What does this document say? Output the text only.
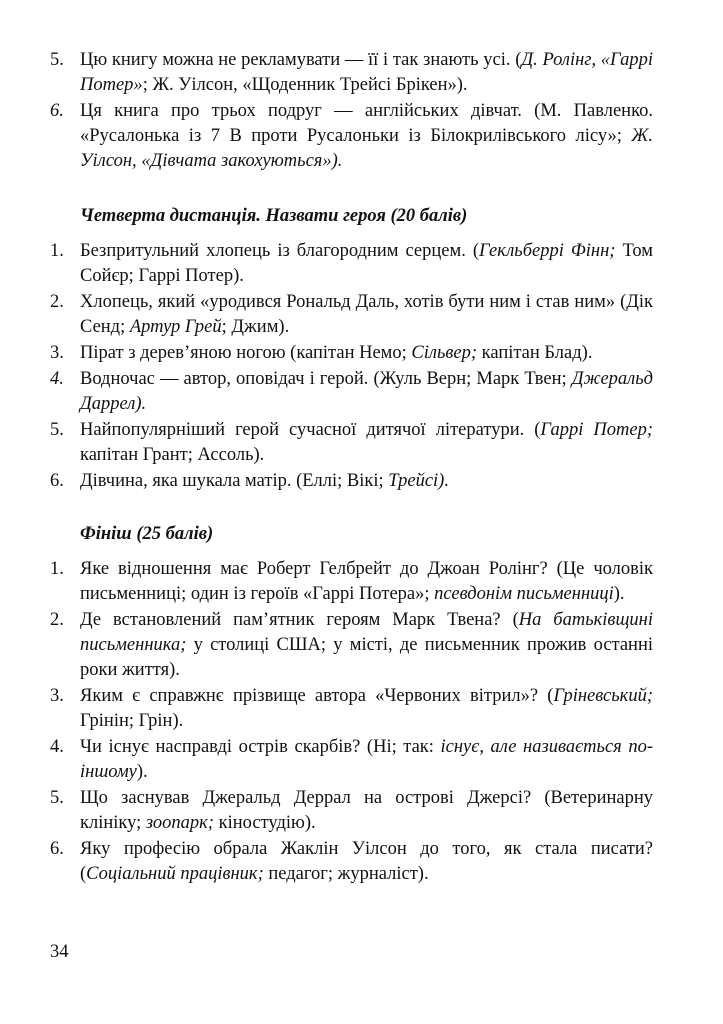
5. Цю книгу можна не рекламувати — її і так знають усі. (Д. Ролінг, «Гаррі Потер»; Ж. Уілсон, «Щоденник Трейсі Брікен»).
6. Ця книга про трьох подруг — англійських дівчат. (М. Павленко. «Русалонька із 7 В проти Русалоньки із Білокрилівського лісу»; Ж. Уілсон, «Дівчата закохуються»).
Четверта дистанція. Назвати героя (20 балів)
1. Безпритульний хлопець із благородним серцем. (Гекльберрі Фінн; Том Сойєр; Гаррі Потер).
2. Хлопець, який «уродився Рональд Даль, хотів бути ним і став ним» (Дік Сенд; Артур Грей; Джим).
3. Пірат з дерев’яною ногою (капітан Немо; Сільвер; капітан Блад).
4. Водночас — автор, оповідач і герой. (Жуль Верн; Марк Твен; Джеральд Даррел).
5. Найпопулярніший герой сучасної дитячої літератури. (Гаррі Потер; капітан Грант; Ассоль).
6. Дівчина, яка шукала матір. (Еллі; Вікі; Трейсі).
Фініш (25 балів)
1. Яке відношення має Роберт Гелбрейт до Джоан Ролінг? (Це чоловік письменниці; один із героїв «Гаррі Потера»; псевдонім письменниці).
2. Де встановлений пам’ятник героям Марк Твена? (На батьківщині письменника; у столиці США; у місті, де письменник прожив останні роки життя).
3. Яким є справжнє прізвище автора «Червоних вітрил»? (Гріневський; Грінін; Грін).
4. Чи існує насправді острів скарбів? (Ні; так: існує, але називається по-іншому).
5. Що заснував Джеральд Деррал на острові Джерсі? (Ветеринарну клініку; зоопарк; кіностудію).
6. Яку професію обрала Жаклін Уілсон до того, як стала писати? (Соціальний працівник; педагог; журналіст).
34
